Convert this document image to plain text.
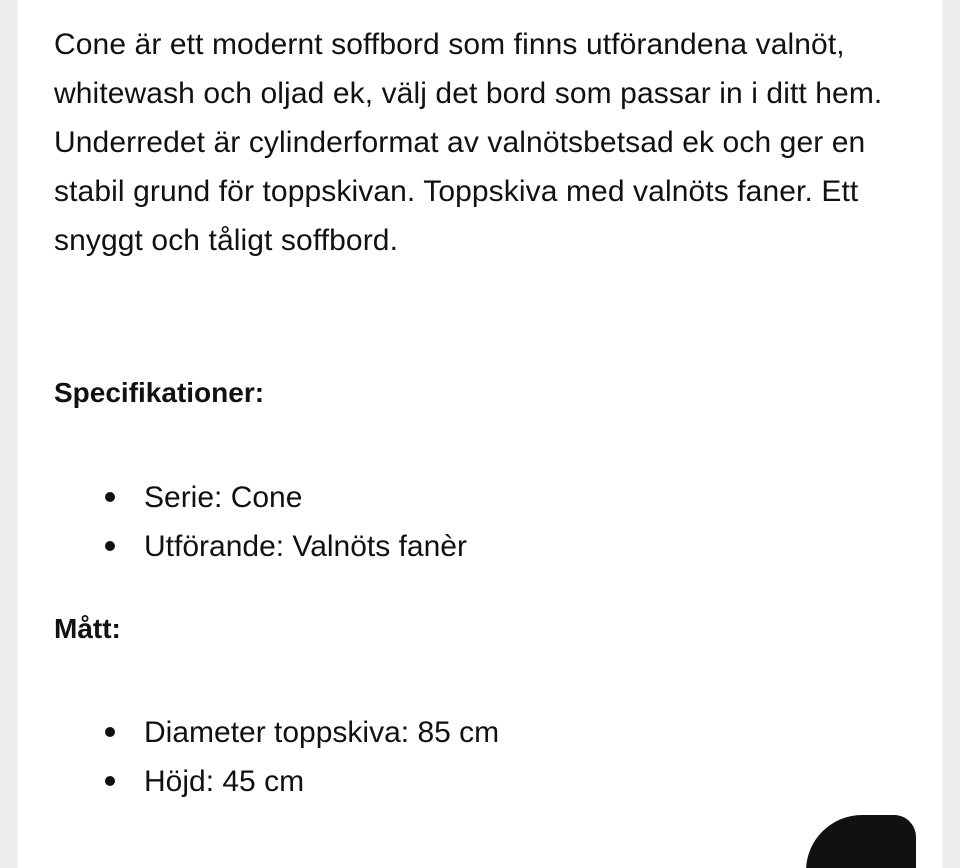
Cone är ett modernt soffbord som finns utförandena valnöt, whitewash och oljad ek, välj det bord som passar in i ditt hem. Underredet är cylinderformat av valnötsbetsad ek och ger en stabil grund för toppskivan. Toppskiva med valnöts faner. Ett snyggt och tåligt soffbord.

Specifikationer:
Serie: Cone
Utförande: Valnöts fanèr
Mått:
Diameter toppskiva: 85 cm
Höjd: 45 cm
